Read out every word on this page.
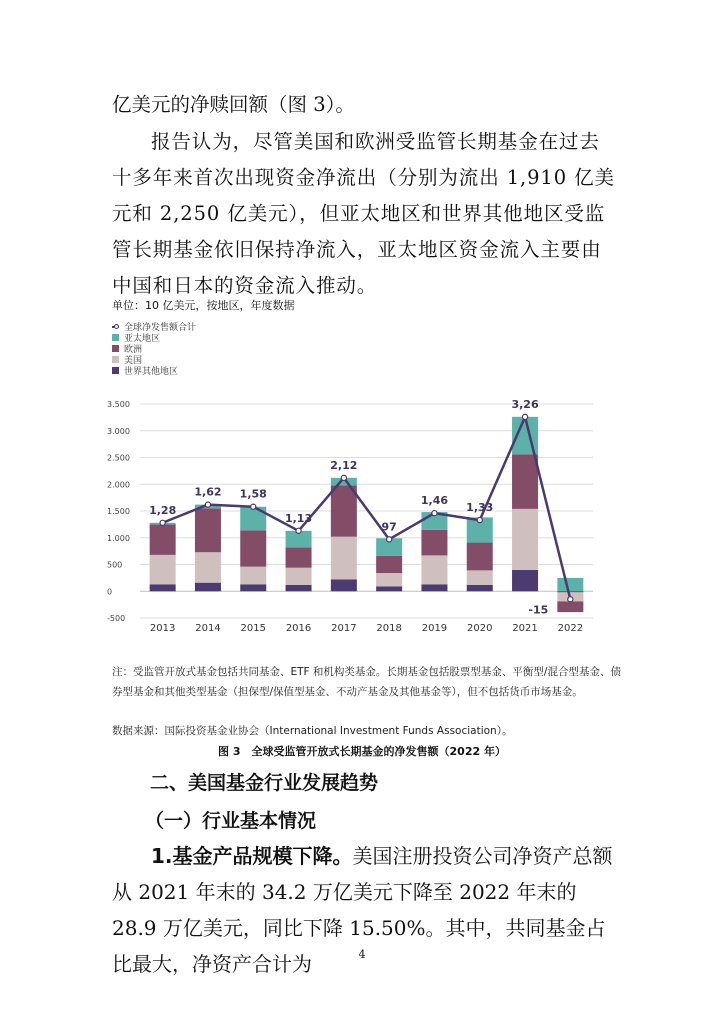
亿美元的净赎回额（图 3）。

报告认为，尽管美国和欧洲受监管长期基金在过去十多年来首次出现资金净流出（分别为流出 1,910 亿美元和 2,250 亿美元），但亚太地区和世界其他地区受监管长期基金依旧保持净流入，亚太地区资金流入主要由中国和日本的资金流入推动。

单位：10 亿美元，按地区，年度数据
全球净发售额合计
亚太地区
欧洲
美国
世界其他地区
-500
0
500
1.000
1.500
2.000
2.500
3.000
3.500
2013 2014 2015 2016 2017 2018 2019 2020 2021 2022
1,28
1,62 1,58
1,13
2,12
97
1,46
1,33
3,26
-15

注：受监管开放式基金包括共同基金、ETF 和机构类基金。长期基金包括股票型基金、平衡型/混合型基金、债券型基金和其他类型基金（担保型/保值型基金、不动产基金及其他基金等），但不包括货币市场基金。

数据来源：国际投资基金业协会（International Investment Funds Association）。
图 3　全球受监管开放式长期基金的净发售额（2022 年）
二、美国基金行业发展趋势
（一）行业基本情况

1.基金产品规模下降。美国注册投资公司净资产总额从 2021 年末的 34.2 万亿美元下降至 2022 年末的 28.9 万亿美元，同比下降 15.50%。其中，共同基金占比最大，净资产合计为	4
